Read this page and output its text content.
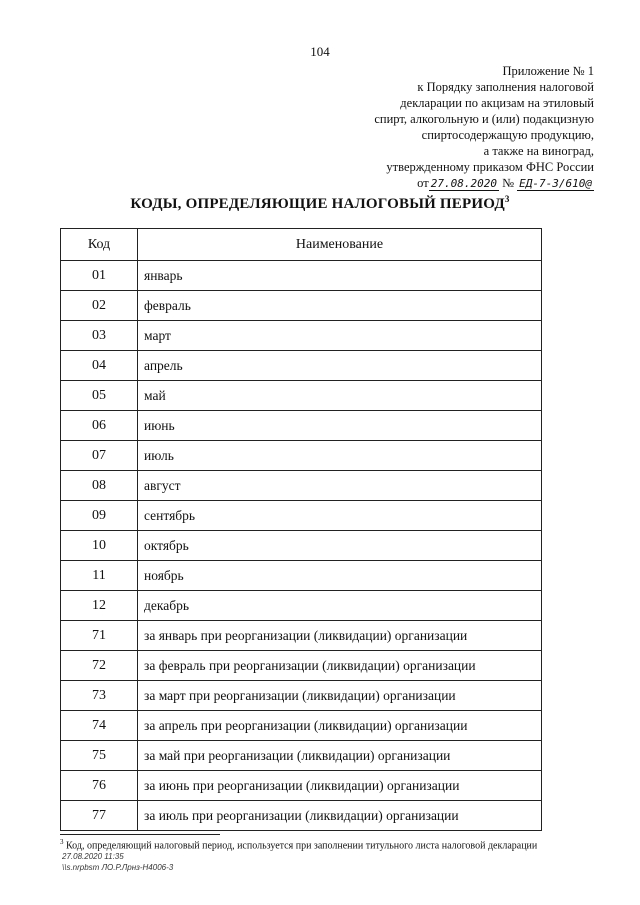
104
Приложение № 1
к Порядку заполнения налоговой
декларации по акцизам на этиловый
спирт, алкогольную и (или) подакцизную
спиртосодержащую продукцию,
а также на виноград,
утвержденному приказом ФНС России
от 27.08.2020 № ЕД-7-3/610@
КОДЫ, ОПРЕДЕЛЯЮЩИЕ НАЛОГОВЫЙ ПЕРИОД$^3$
Код	Наименование
01	январь
02	февраль
03	март
04	апрель
05	май
06	июнь
07	июль
08	август
09	сентябрь
10	октябрь
11	ноябрь
12	декабрь
71	за январь при реорганизации (ликвидации) организации
72	за февраль при реорганизации (ликвидации) организации
73	за март при реорганизации (ликвидации) организации
74	за апрель при реорганизации (ликвидации) организации
75	за май при реорганизации (ликвидации) организации
76	за июнь при реорганизации (ликвидации) организации
77	за июль при реорганизации (ликвидации) организации
$^3$ Код, определяющий налоговый период, используется при заполнении титульного листа налоговой декларации
27.08.2020 11:35
\\s.nrpbsm ЛО.Р.Лрнз-Н4006-3
